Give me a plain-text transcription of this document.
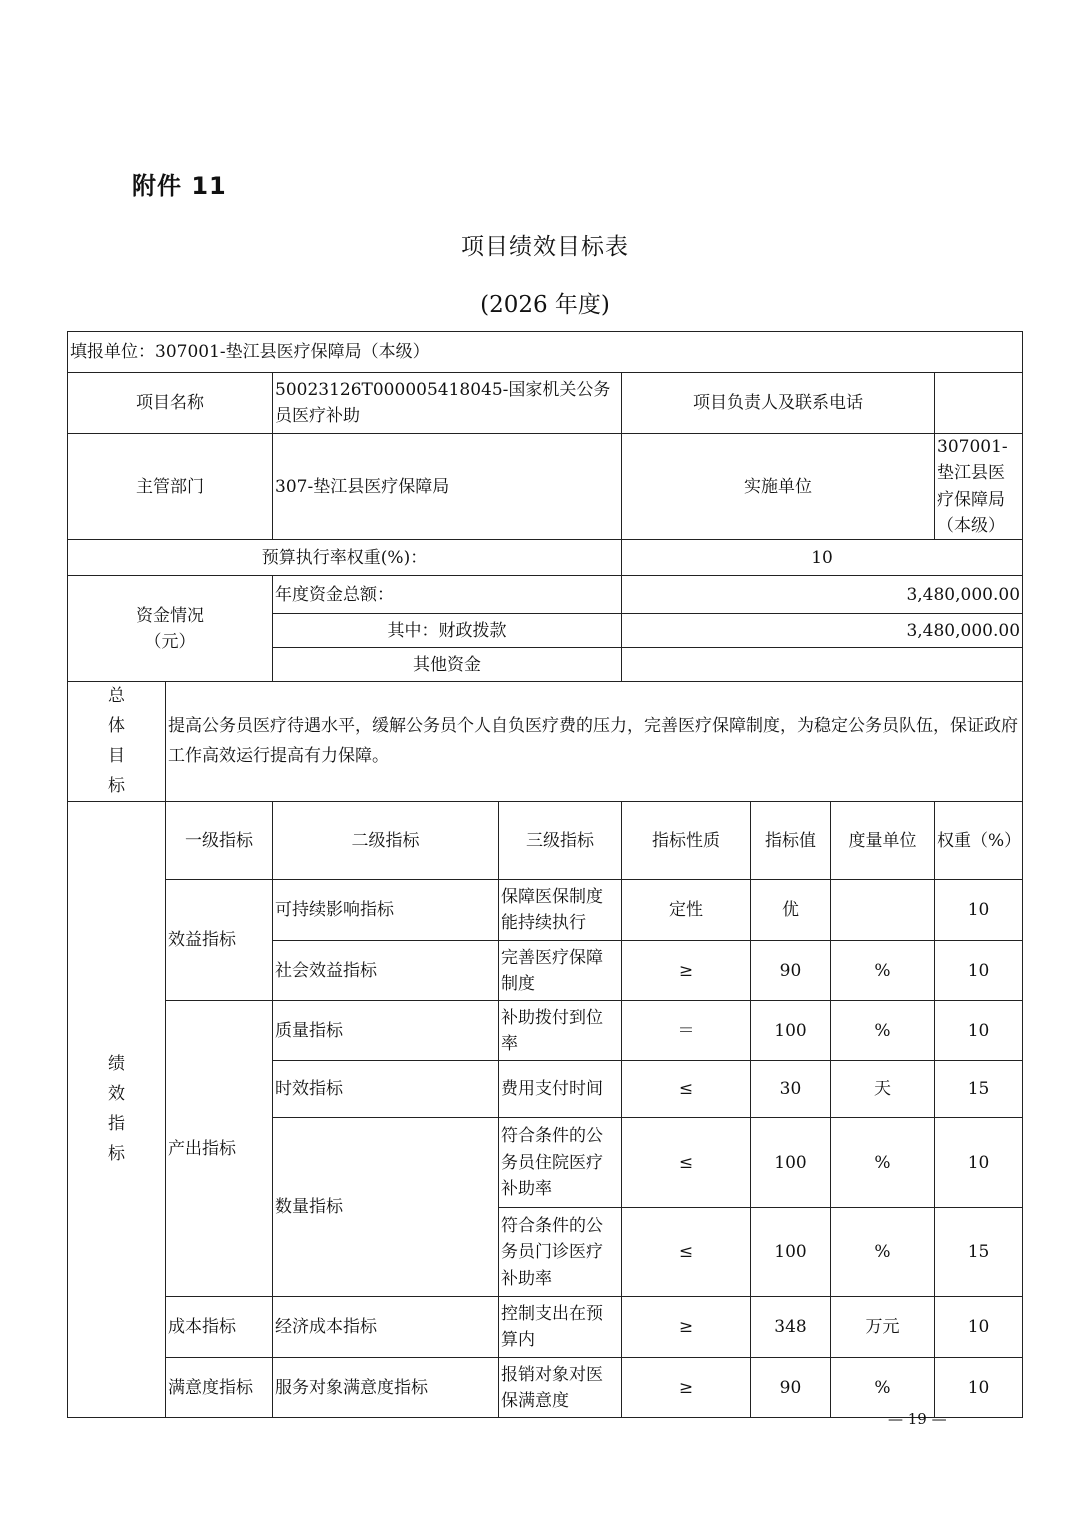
附件 11
项目绩效目标表
(2026 年度)
填报单位：307001-垫江县医疗保障局（本级）							
项目名称		50023126T000005418045-国家机关公务员医疗补助		项目负责人及联系电话			
主管部门		307-垫江县医疗保障局		实施单位			307001-垫江县医疗保障局（本级）
预算执行率权重(%)：				10			

资金情况
（元）		年度资金总额：		3,480,000.00			
		其中：财政拨款		3,480,000.00			
		其他资金					

总
体
目
标	提高公务员医疗待遇水平，缓解公务员个人自负医疗费的压力，完善医疗保障制度，为稳定公务员队伍，保证政府工作高效运行提高有力保障。						

绩
效
指
标	一级指标	二级指标	三级指标	指标性质	指标值	度量单位	权重（%）
	效益指标	可持续影响指标	保障医保制度能持续执行	定性	优		10
		社会效益指标	完善医疗保障制度	≥	90	%	10
	产出指标	质量指标	补助拨付到位率	＝	100	%	10
		时效指标	费用支付时间	≤	30	天	15
		数量指标	符合条件的公务员住院医疗补助率	≤	100	%	10
			符合条件的公务员门诊医疗补助率	≤	100	%	15
	成本指标	经济成本指标	控制支出在预算内	≥	348	万元	10
	满意度指标	服务对象满意度指标	报销对象对医保满意度	≥	90	%	10
— 19 —
